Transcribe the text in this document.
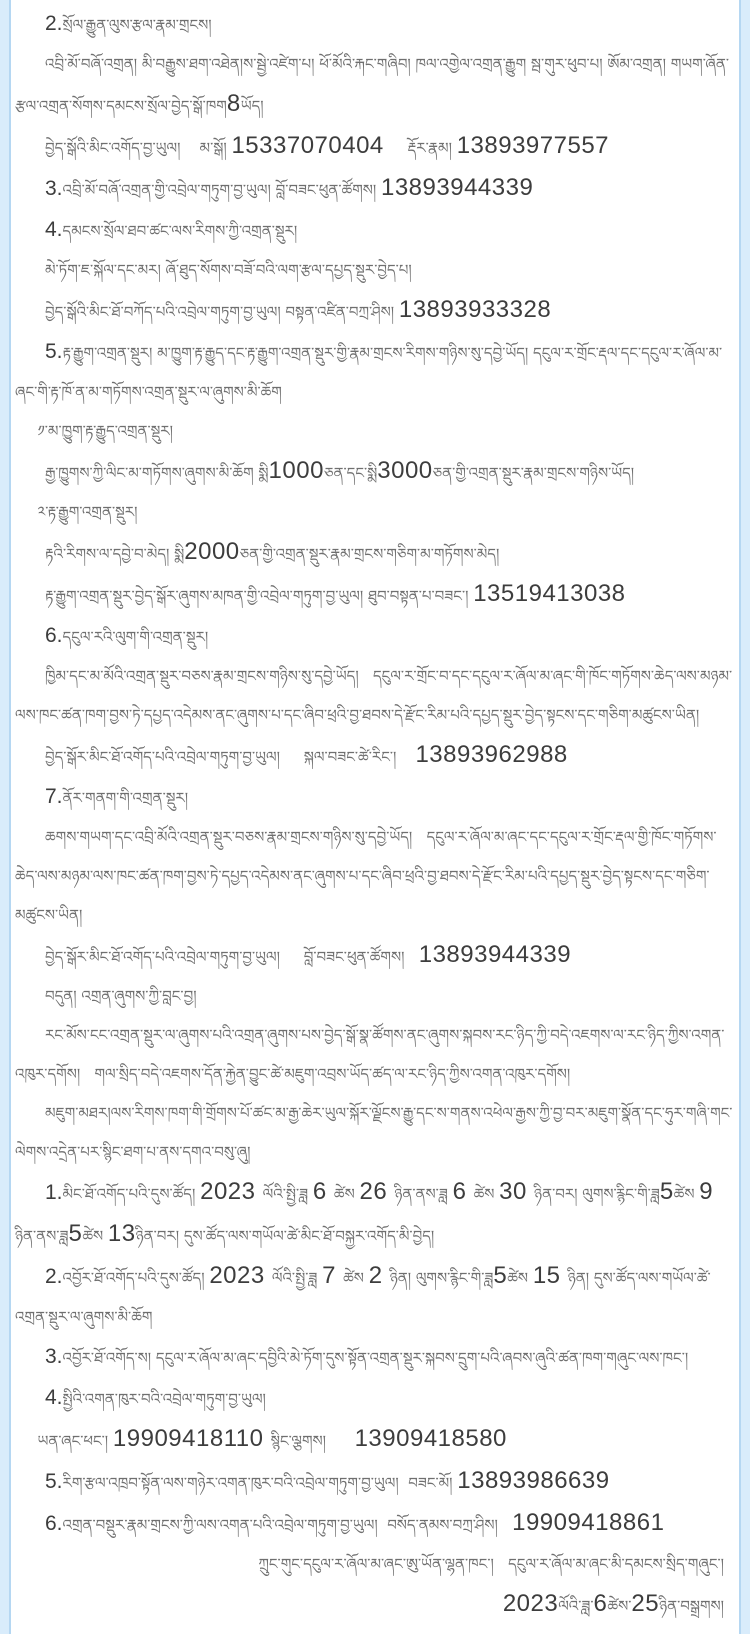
2.སྲོལ་རྒྱུན་ལུས་རྩལ་རྣམ་གྲངས།

འབྲི་མོ་བཞོ་འགྲན། མི་བརྒྱུས་ཐག་འཐེན།ས་སྦྱེ་འཛེག་པ། ཕོ་མོའི་རྐང་གཞིབ། ཁལ་འགྱེལ་འགྲན་རྒྱུག སྦ་གུར་ཕུབ་པ། ཨོམ་འགྲན། གཡག་ཞོན་རྩལ་འགྲན་སོགས་དམངས་སྲོལ་བྱེད་སྒོ་ཁག8ཡོད།

བྱེད་སྒོའི་མིང་འགོད་བྱ་ཡུལ།    མ་སྒོ། 15337070404     རྡོར་རྣམ། 13893977557

3.འབྲི་མོ་བཞོ་འགྲན་གྱི་འབྲེལ་གཏུག་བྱ་ཡུལ། བློ་བཟང་ཕུན་ཚོགས། 13893944339

4.དམངས་སྲོལ་ཐབ་ཚང་ལས་རིགས་ཀྱི་འགྲན་སྡུར།

མེ་ཏོག་ཇ་སྐོལ་དང་མར། ཞོ་ཐུད་སོགས་བཟོ་བའི་ལག་རྩལ་དཔྱད་སྡུར་བྱེད་པ།

བྱེད་སྒོའི་མིང་ཐོ་བཀོད་པའི་འབྲེལ་གཏུག་བྱ་ཡུལ། བསྟན་འཛིན་བཀྲ་ཤིས། 13893933328

5.རྟ་རྒྱུག་འགྲན་སྡུར། མ་ཁྱུག་རྟ་རྒྱུད་དང་རྟ་རྒྱུག་འགྲན་སྡུར་གྱི་རྣམ་གྲངས་རིགས་གཉིས་སུ་དབྱེ་ཡོད། དངུལ་ར་གྲོང་རྡལ་དང་དངུལ་ར་ཞོལ་མ་ཞང་གི་རྟ་ཁོ་ན་མ་གཏོགས་འགྲན་སྡུར་ལ་ཞུགས་མི་ཆོག

༡་མ་ཁྱུག་རྟ་རྒྱུད་འགྲན་སྡུར།

རྒྱ་ཁྱུགས་ཀྱི་ལིང་མ་གཏོགས་ཞུགས་མི་ཆོག སྨི1000ཅན་དང་སྨི3000ཅན་གྱི་འགྲན་སྡུར་རྣམ་གྲངས་གཉིས་ཡོད།

༢་རྟ་རྒྱུག་འགྲན་སྡུར།

རྟའི་རིགས་ལ་དབྱེ་བ་མེད། སྨི2000ཅན་གྱི་འགྲན་སྡུར་རྣམ་གྲངས་གཅིག་མ་གཏོགས་མེད།

རྟ་རྒྱུག་འགྲན་སྡུར་བྱེད་སྒོར་ཞུགས་མཁན་གྱི་འབྲེལ་གཏུག་བྱ་ཡུལ། ཐུབ་བསྟན་པ་བཟང་། 13519413038

6.དངུལ་རའི་ལུག་གི་འགྲན་སྡུར།

ཁྱིམ་དང་མ་མོའི་འགྲན་སྡུར་བཅས་རྣམ་གྲངས་གཉིས་སུ་དབྱེ་ཡོད།   དངུལ་ར་གྲོང་བ་དང་དངུལ་ར་ཞོལ་མ་ཞང་གི་ཁོང་གཏོགས་ཆེད་ལས་མཉམ་ལས་ཁང་ཚན་ཁག་བྱས་ཏེ་དཔྱད་འདེམས་ནང་ཞུགས་པ་དང་ཞིབ་ཕྲའི་བྱ་ཐབས་དེ་རྫོང་རིམ་པའི་དཔྱད་སྡུར་བྱེད་སྟངས་དང་གཅིག་མཚུངས་ཡིན།

བྱེད་སྒོར་མིང་ཐོ་འགོད་པའི་འབྲེལ་གཏུག་བྱ་ཡུལ།     སྐལ་བཟང་ཚེ་རིང་།    13893962988

7.ནོར་གནག་གི་འགྲན་སྡུར།

ཆགས་གཡག་དང་འབྲི་མོའི་འགྲན་སྡུར་བཅས་རྣམ་གྲངས་གཉིས་སུ་དབྱེ་ཡོད།   དངུལ་ར་ཞོལ་མ་ཞང་དང་དངུལ་ར་གྲོང་རྡལ་གྱི་ཁོང་གཏོགས་ཆེད་ལས་མཉམ་ལས་ཁང་ཚན་ཁག་བྱས་ཏེ་དཔྱད་འདེམས་ནང་ཞུགས་པ་དང་ཞིབ་ཕྲའི་བྱ་ཐབས་དེ་རྫོང་རིམ་པའི་དཔྱད་སྡུར་བྱེད་སྟངས་དང་གཅིག་མཚུངས་ཡིན།

བྱེད་སྒོར་མིང་ཐོ་འགོད་པའི་འབྲེལ་གཏུག་བྱ་ཡུལ།     བློ་བཟང་ཕུན་ཚོགས།   13893944339

བདུན། འགྲན་ཞུགས་ཀྱི་བླང་བྱ།

རང་མོས་ངང་འགྲན་སྡུར་ལ་ཞུགས་པའི་འགྲན་ཞུགས་པས་བྱེད་སྒོ་སྣ་ཚོགས་ནང་ཞུགས་སྐབས་རང་ཉིད་ཀྱི་བདེ་འཇགས་ལ་རང་ཉིད་ཀྱིས་འགན་འཁུར་དགོས།   གལ་སྲིད་བདེ་འཇགས་དོན་རྐྱེན་བྱུང་ཚེ་མཇུག་འབྲས་ཡོད་ཚད་ལ་རང་ཉིད་ཀྱིས་འགན་འཁུར་དགོས།

མཇུག་མཐར།ལས་རིགས་ཁག་གི་གྲོགས་པོ་ཚང་མ་རྒྱ་ཆེར་ཡུལ་སྐོར་ལྗོངས་རྒྱུ་དང་ས་གནས་འཕེལ་རྒྱས་ཀྱི་བྱ་བར་མཇུག་སྣོན་དང་ཧུར་གཞི་གང་ལེགས་འདྲེན་པར་སྙིང་ཐག་པ་ནས་དགའ་བསུ་ཞུ།

1.མིང་ཐོ་འགོད་པའི་དུས་ཚོད། 2023 ལོའི་སྤྱི་ཟླ 6 ཚེས 26 ཉིན་ནས་ཟླ 6 ཚེས 30 ཉིན་བར། ལུགས་རྙིང་གི་ཟླ5ཚེས 9 ཉིན་ནས་ཟླ5ཚེས 13ཉིན་བར། དུས་ཚོད་ལས་གཡོལ་ཚེ་མིང་ཐོ་བསྐྱར་འགོད་མི་བྱེད།

2.འབྱོར་ཐོ་འགོད་པའི་དུས་ཚོད། 2023 ལོའི་སྤྱི་ཟླ 7 ཚེས 2 ཉིན། ལུགས་རྙིང་གི་ཟླ5ཚེས 15 ཉིན། དུས་ཚོད་ལས་གཡོལ་ཚེ་འགྲན་སྡུར་ལ་ཞུགས་མི་ཆོག

3.འབྱོར་ཐོ་འགོད་ས། དངུལ་ར་ཞོལ་མ་ཞང་དབྱིའི་མེ་ཏོག་དུས་སྟོན་འགྲན་སྡུར་སྐབས་དྲུག་པའི་ཞབས་ཞུའི་ཚན་ཁག་གཞུང་ལས་ཁང་།

4.སྤྱིའི་འགན་ཁུར་བའི་འབྲེལ་གཏུག་བྱ་ཡུལ།

ཡན་ཞང་ཕང་། 19909418110 སྙིང་ལྕགས།      13909418580

5.རིག་རྩལ་འཁྲབ་སྟོན་ལས་གཉེར་འགན་ཁུར་བའི་འབྲེལ་གཏུག་བྱ་ཡུལ།  བཟང་མོ། 13893986639

6.འགྲན་བསྡུར་རྣམ་གྲངས་ཀྱི་ལས་འགན་པའི་འབྲེལ་གཏུག་བྱ་ཡུལ།  བསོད་ནམས་བཀྲ་ཤིས།   19909418861

ཀྲུང་གུང་དངུལ་ར་ཞོལ་མ་ཞང་ཨུ་ཡོན་ལྷན་ཁང་།   དངུལ་ར་ཞོལ་མ་ཞང་མི་དམངས་སྲིད་གཞུང་།

2023ལོའི་ཟླ་6ཚེས་25ཉིན་བསྒྲགས།
